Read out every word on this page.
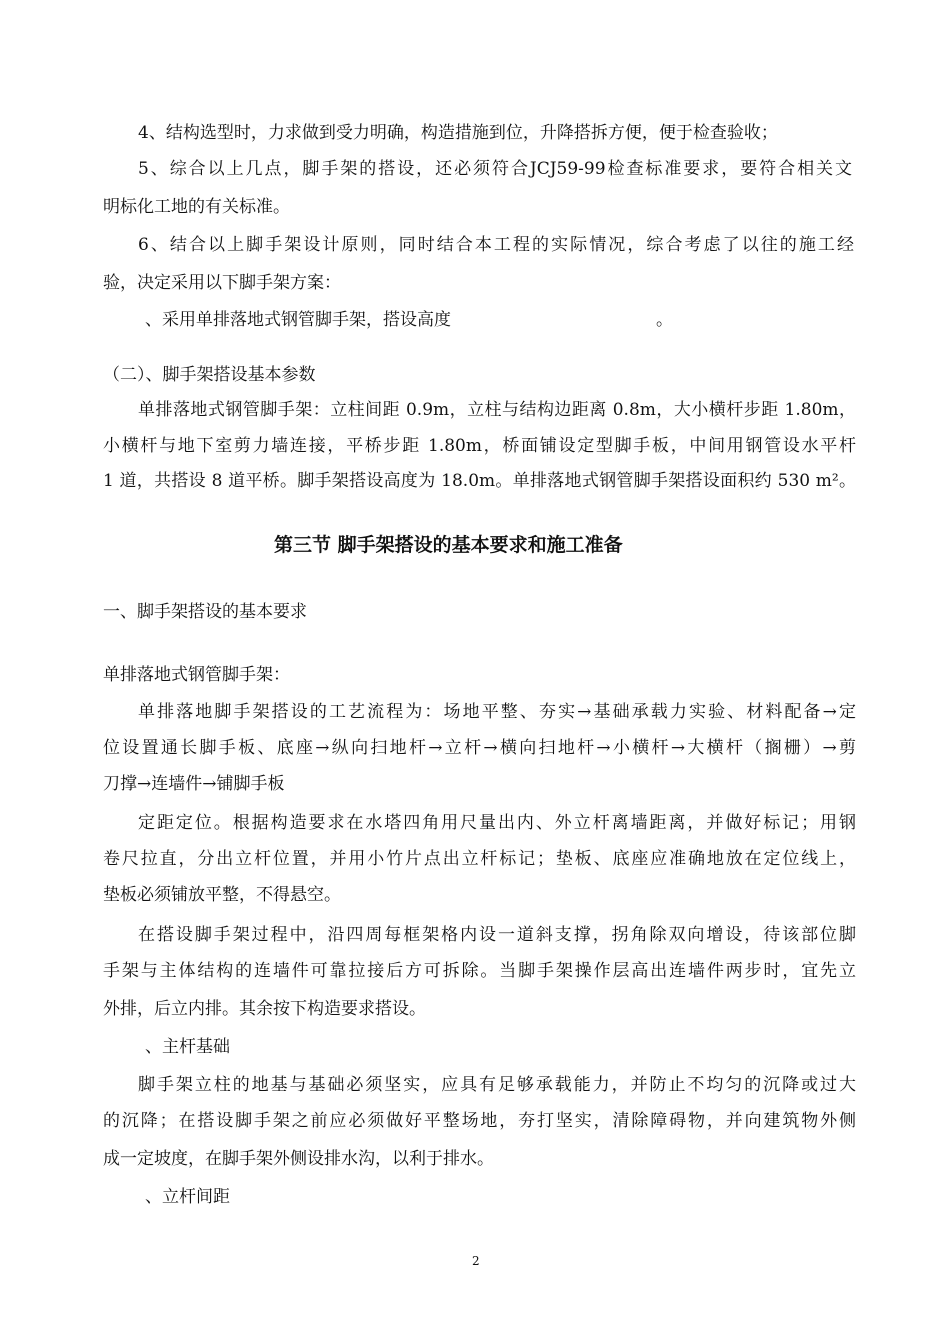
4、结构选型时，力求做到受力明确，构造措施到位，升降搭拆方便，便于检查验收；
5、综合以上几点，脚手架的搭设，还必须符合JCJ59-99检查标准要求，要符合相关文
明标化工地的有关标准。
6、结合以上脚手架设计原则，同时结合本工程的实际情况，综合考虑了以往的施工经
验，决定采用以下脚手架方案：
、采用单排落地式钢管脚手架，搭设高度	。
（二）、脚手架搭设基本参数
单排落地式钢管脚手架：立柱间距 0.9m，立柱与结构边距离 0.8m，大小横杆步距 1.80m，
小横杆与地下室剪力墙连接，平桥步距 1.80m，桥面铺设定型脚手板，中间用钢管设水平杆
1 道，共搭设 8 道平桥。脚手架搭设高度为 18.0m。单排落地式钢管脚手架搭设面积约 530 m²。
第三节 脚手架搭设的基本要求和施工准备
一、脚手架搭设的基本要求
单排落地式钢管脚手架：
单排落地脚手架搭设的工艺流程为：场地平整、夯实→基础承载力实验、材料配备→定
位设置通长脚手板、底座→纵向扫地杆→立杆→横向扫地杆→小横杆→大横杆（搁栅）→剪
刀撑→连墙件→铺脚手板
定距定位。根据构造要求在水塔四角用尺量出内、外立杆离墙距离，并做好标记；用钢
卷尺拉直，分出立杆位置，并用小竹片点出立杆标记；垫板、底座应准确地放在定位线上，
垫板必须铺放平整，不得悬空。
在搭设脚手架过程中，沿四周每框架格内设一道斜支撑，拐角除双向增设，待该部位脚
手架与主体结构的连墙件可靠拉接后方可拆除。当脚手架操作层高出连墙件两步时，宜先立
外排，后立内排。其余按下构造要求搭设。
、主杆基础
脚手架立柱的地基与基础必须坚实，应具有足够承载能力，并防止不均匀的沉降或过大
的沉降；在搭设脚手架之前应必须做好平整场地，夯打坚实，清除障碍物，并向建筑物外侧
成一定坡度，在脚手架外侧设排水沟，以利于排水。
、立杆间距
2
